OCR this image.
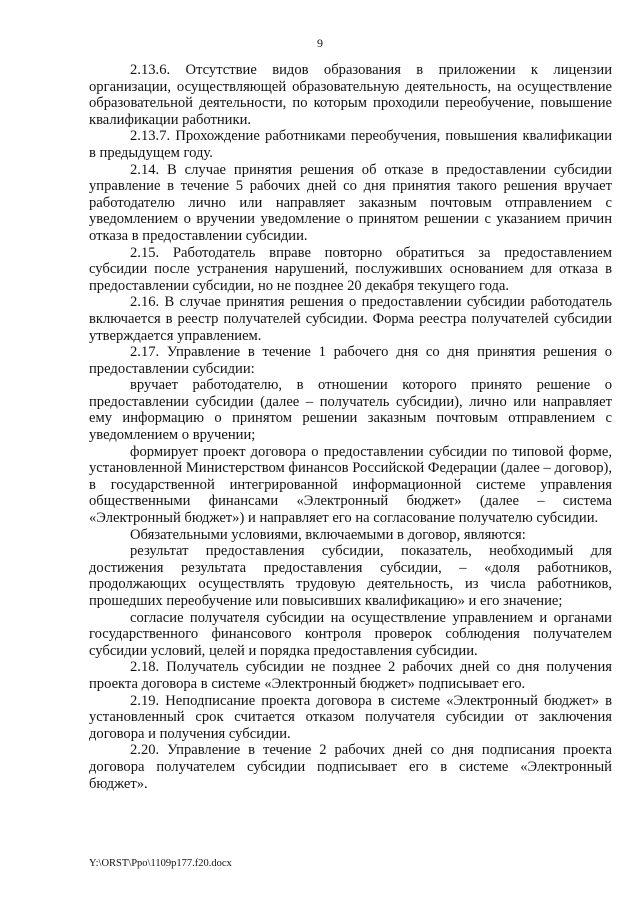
9

2.13.6. Отсутствие видов образования в приложении к лицензии организации, осуществляющей образовательную деятельность, на осуществление образовательной деятельности, по которым проходили переобучение, повышение квалификации работники.

2.13.7. Прохождение работниками переобучения, повышения квалификации в предыдущем году.

2.14. В случае принятия решения об отказе в предоставлении субсидии управление в течение 5 рабочих дней со дня принятия такого решения вручает работодателю лично или направляет заказным почтовым отправлением с уведомлением о вручении уведомление о принятом решении с указанием причин отказа в предоставлении субсидии.

2.15. Работодатель вправе повторно обратиться за предоставлением субсидии после устранения нарушений, послуживших основанием для отказа в предоставлении субсидии, но не позднее 20 декабря текущего года.

2.16. В случае принятия решения о предоставлении субсидии работодатель включается в реестр получателей субсидии. Форма реестра получателей субсидии утверждается управлением.

2.17. Управление в течение 1 рабочего дня со дня принятия решения о предоставлении субсидии:

вручает работодателю, в отношении которого принято решение о предоставлении субсидии (далее – получатель субсидии), лично или направляет ему информацию о принятом решении заказным почтовым отправлением с уведомлением о вручении;

формирует проект договора о предоставлении субсидии по типовой форме, установленной Министерством финансов Российской Федерации (далее – договор), в государственной интегрированной информационной системе управления общественными финансами «Электронный бюджет» (далее – система «Электронный бюджет») и направляет его на согласование получателю субсидии.

Обязательными условиями, включаемыми в договор, являются:

результат предоставления субсидии, показатель, необходимый для достижения результата предоставления субсидии, – «доля работников, продолжающих осуществлять трудовую деятельность, из числа работников, прошедших переобучение или повысивших квалификацию» и его значение;

согласие получателя субсидии на осуществление управлением и органами государственного финансового контроля проверок соблюдения получателем субсидии условий, целей и порядка предоставления субсидии.

2.18. Получатель субсидии не позднее 2 рабочих дней со дня получения проекта договора в системе «Электронный бюджет» подписывает его.

2.19. Неподписание проекта договора в системе «Электронный бюджет» в установленный срок считается отказом получателя субсидии от заключения договора и получения субсидии.

2.20. Управление в течение 2 рабочих дней со дня подписания проекта договора получателем субсидии подписывает его в системе «Электронный бюджет».

Y:\ORST\Ppo\1109p177.f20.docx
